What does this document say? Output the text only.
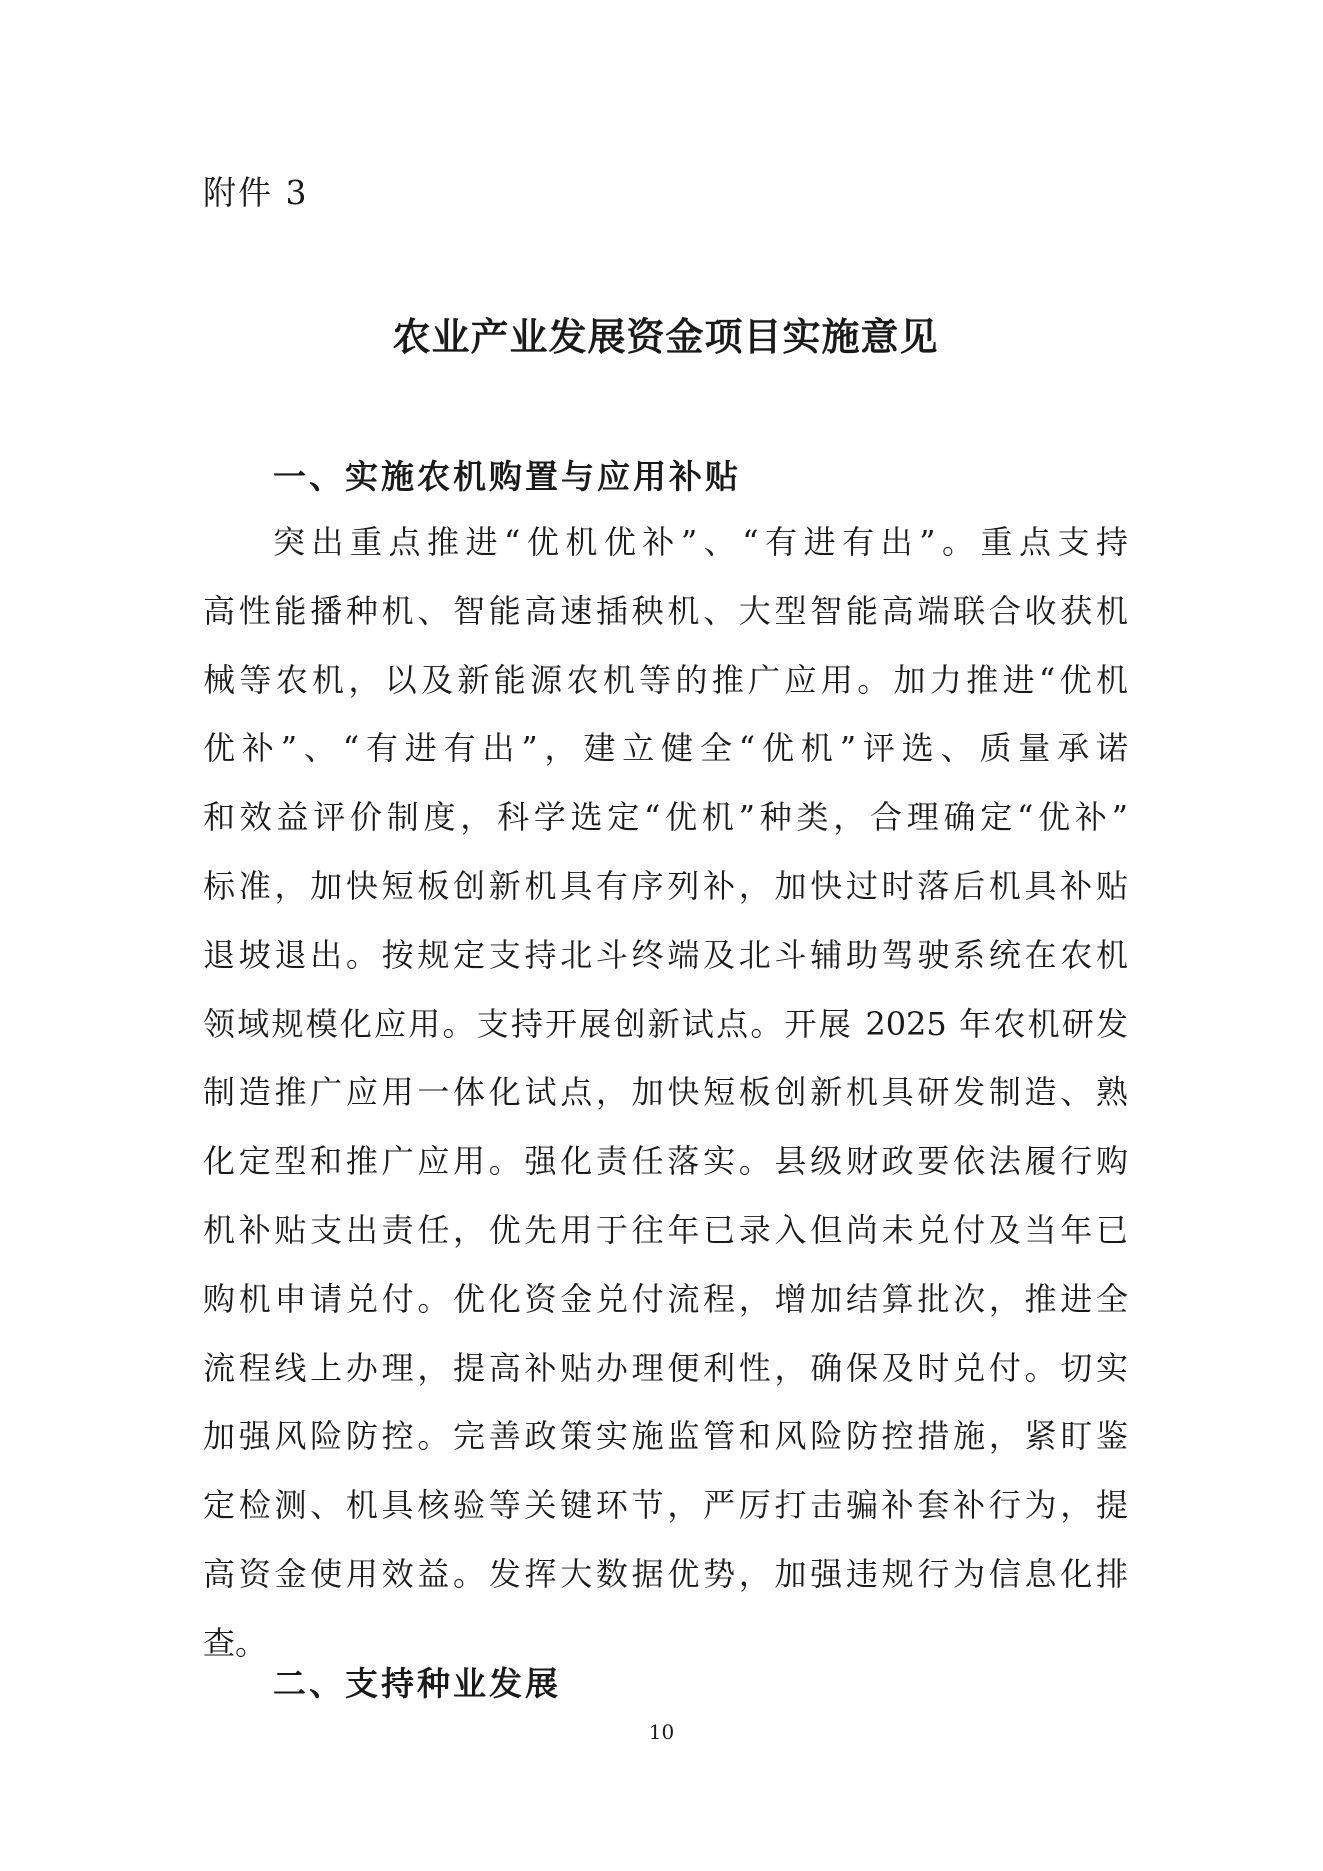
附件 3

农业产业发展资金项目实施意见
一、实施农机购置与应用补贴
突出重点推进“优机优补”、“有进有出”。重点支持
高性能播种机、智能高速插秧机、大型智能高端联合收获机
械等农机，以及新能源农机等的推广应用。加力推进“优机
优补”、“有进有出”，建立健全“优机”评选、质量承诺
和效益评价制度，科学选定“优机”种类，合理确定“优补”
标准，加快短板创新机具有序列补，加快过时落后机具补贴
退坡退出。按规定支持北斗终端及北斗辅助驾驶系统在农机
领域规模化应用。支持开展创新试点。开展 2025 年农机研发
制造推广应用一体化试点，加快短板创新机具研发制造、熟
化定型和推广应用。强化责任落实。县级财政要依法履行购
机补贴支出责任，优先用于往年已录入但尚未兑付及当年已
购机申请兑付。优化资金兑付流程，增加结算批次，推进全
流程线上办理，提高补贴办理便利性，确保及时兑付。切实
加强风险防控。完善政策实施监管和风险防控措施，紧盯鉴
定检测、机具核验等关键环节，严厉打击骗补套补行为，提
高资金使用效益。发挥大数据优势，加强违规行为信息化排
查。
二、支持种业发展
10
